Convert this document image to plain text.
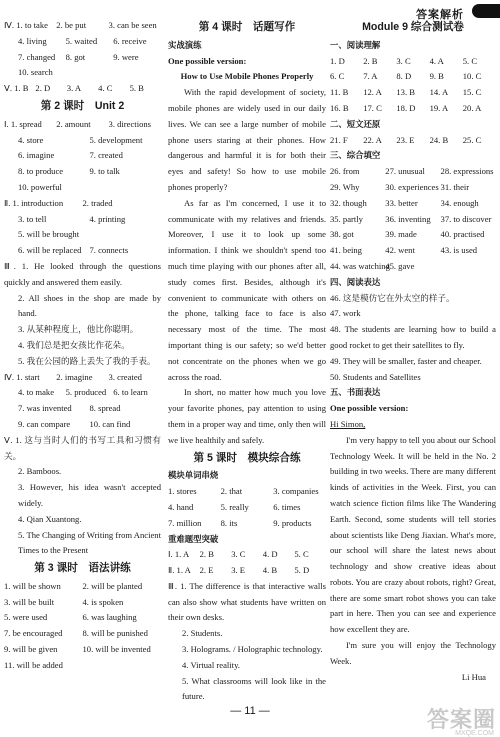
答案解析
Ⅳ. 1. to take 2. be put	3. can be seen
4. living	5. waited	6. receive
7. changed	8. got	9. were
10. search
Ⅴ. 1. B 2. D	3. A	4. C	5. B
第 2 课时　Unit 2
Ⅰ. 1. spread	2. amount	3. directions
4. store	5. development
6. imagine	7. created
8. to produce	9. to talk
10. powerful
Ⅱ. 1. introduction	2. traded
3. to tell	4. printing
5. will be brought
6. will be replaced 7. connects
Ⅲ. 1. He looked through the questions quickly and answered them easily.
2. All shoes in the shop are made by hand.
3. 从某种程度上，他比你聪明。
4. 我们总是把女孩比作花朵。
5. 我在公园的路上丢失了我的手表。
Ⅳ. 1. start	2. imagine	3. created
4. to make	5. produced 6. to learn
7. was invented	8. spread
9. can compare	10. can find
Ⅴ. 1. 这与当时人们的书写工具和习惯有关。
2. Bamboos.
3. However, his idea wasn't accepted widely.
4. Qian Xuantong.
5. The Changing of Writing from Ancient Times to the Present
第 3 课时　语法讲练
1. will be shown	2. will be planted
3. will be built	4. is spoken
5. were used	6. was laughing
7. be encouraged	8. will be punished
9. will be given	10. will be invented
11. will be added
第 4 课时　话题写作
实战演练
One possible version:
How to Use Mobile Phones Properly
With the rapid development of society, mobile phones are widely used in our daily lives. We can see a large number of mobile phone users staring at their phones. How dangerous and harmful it is for both their eyes and safety! So how to use mobile phones properly?
As far as I'm concerned, I use it to communicate with my relatives and friends. Moreover, I use it to look up some information. I think we shouldn't spend too much time playing with our phones after all, study comes first. Besides, although it's convenient to communicate with others on the phone, talking face to face is also necessary most of the time. The most important thing is our safety; so we'd better not concentrate on the phones when we go across the road.
In short, no matter how much you love your favorite phones, pay attention to using them in a proper way and time, only then will we live healthily and safely.
第 5 课时　模块综合练
模块单词串烧
1. stores	2. that	3. companies
4. hand	5. really	6. times
7. million	8. its	9. products
重难题型突破
Ⅰ. 1. A	2. B	3. C	4. D	5. C
Ⅱ. 1. A	2. E	3. E	4. B	5. D
Ⅲ. 1. The difference is that interactive walls can also show what students have written on their own desks.
2. Students.
3. Holograms. / Holographic technology.
4. Virtual reality.
5. What classrooms will look like in the future.
Module 9 综合测试卷
一、阅读理解
1. D	2. B	3. C	4. A	5. C
6. C	7. A	8. D	9. B	10. C
11. B	12. A	13. B	14. A	15. C
16. B	17. C	18. D	19. A	20. A
二、短文还原
21. F	22. A	23. E	24. B	25. C
三、综合填空
26. from	27. unusual	28. expressions
29. Why	30. experiences 31. their
32. though	33. better	34. enough
35. partly	36. inventing	37. to discover
38. got	39. made	40. practised
41. being	42. went	43. is used
44. was watching
45. gave
四、阅读表达
46. 这是模仿它在外太空的样子。
47. work
48. The students are learning how to build a good rocket to get their satellites to fly.
49. They will be smaller, faster and cheaper.
50. Students and Satellites
五、书面表达
One possible version:
Hi Simon,
I'm very happy to tell you about our School Technology Week. It will be held in the No. 2 building in two weeks. There are many different kinds of activities in the Week. First, you can watch science fiction films like The Wandering Earth. Second, some students will tell stories about scientists like Deng Jiaxian. What's more, our school will share the latest news about technology and show creative ideas about robots. You are crazy about robots, right? Great, there are some smart robot shows you can take part in here. Then you can see and experience how excellent they are.
I'm sure you will enjoy the Technology Week.
Li Hua
— 11 —	答案圈
MXQE.COM
